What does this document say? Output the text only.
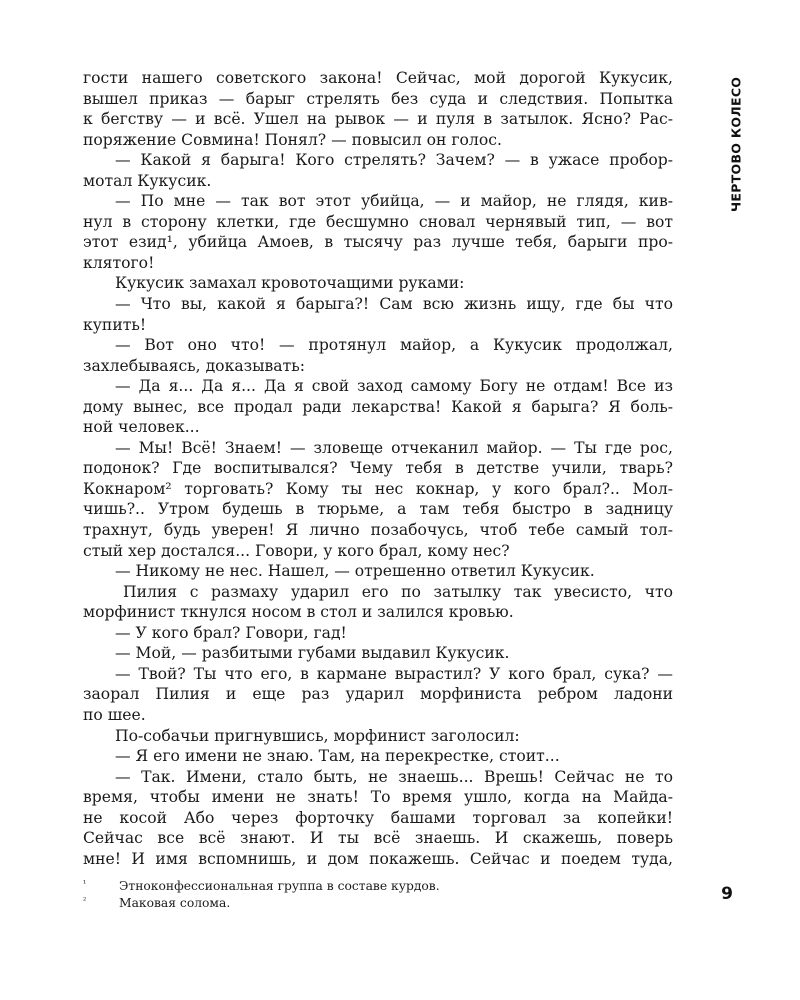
ЧЕРТОВО КОЛЕСО

гости нашего советского закона! Сейчас, мой дорогой Кукусик,

вышел приказ — барыг стрелять без суда и следствия. Попытка

к бегству — и всё. Ушел на рывок — и пуля в затылок. Ясно? Рас-

поряжение Совмина! Понял? — повысил он голос.

— Какой я барыга! Кого стрелять? Зачем? — в ужасе пробор-

мотал Кукусик.

— По мне — так вот этот убийца, — и майор, не глядя, кив-

нул в сторону клетки, где бесшумно сновал чернявый тип, — вот

этот езид¹, убийца Амоев, в тысячу раз лучше тебя, барыги про-

клятого!

Кукусик замахал кровоточащими руками:

— Что вы, какой я барыга?! Сам всю жизнь ищу, где бы что

купить!

— Вот оно что! — протянул майор, а Кукусик продолжал,

захлебываясь, доказывать:

— Да я... Да я... Да я свой заход самому Богу не отдам! Все из

дому вынес, все продал ради лекарства! Какой я барыга? Я боль-

ной человек...

— Мы! Всё! Знаем! — зловеще отчеканил майор. — Ты где рос,

подонок? Где воспитывался? Чему тебя в детстве учили, тварь?

Кокнаром² торговать? Кому ты нес кокнар, у кого брал?.. Мол-

чишь?.. Утром будешь в тюрьме, а там тебя быстро в задницу

трахнут, будь уверен! Я лично позабочусь, чтоб тебе самый тол-

стый хер достался... Говори, у кого брал, кому нес?

— Никому не нес. Нашел, — отрешенно ответил Кукусик.

Пилия с размаху ударил его по затылку так увесисто, что

морфинист ткнулся носом в стол и залился кровью.

— У кого брал? Говори, гад!

— Мой, — разбитыми губами выдавил Кукусик.

— Твой? Ты что его, в кармане вырастил? У кого брал, сука? —

заорал Пилия и еще раз ударил морфиниста ребром ладони

по шее.

По-собачьи пригнувшись, морфинист заголосил:

— Я его имени не знаю. Там, на перекрестке, стоит...

— Так. Имени, стало быть, не знаешь... Врешь! Сейчас не то

время, чтобы имени не знать! То время ушло, когда на Майда-

не косой Або через форточку башами торговал за копейки!

Сейчас все всё знают. И ты всё знаешь. И скажешь, поверь

мне! И имя вспомнишь, и дом покажешь. Сейчас и поедем туда,

¹	Этноконфессиональная группа в составе курдов.
²	Маковая солома.	9
